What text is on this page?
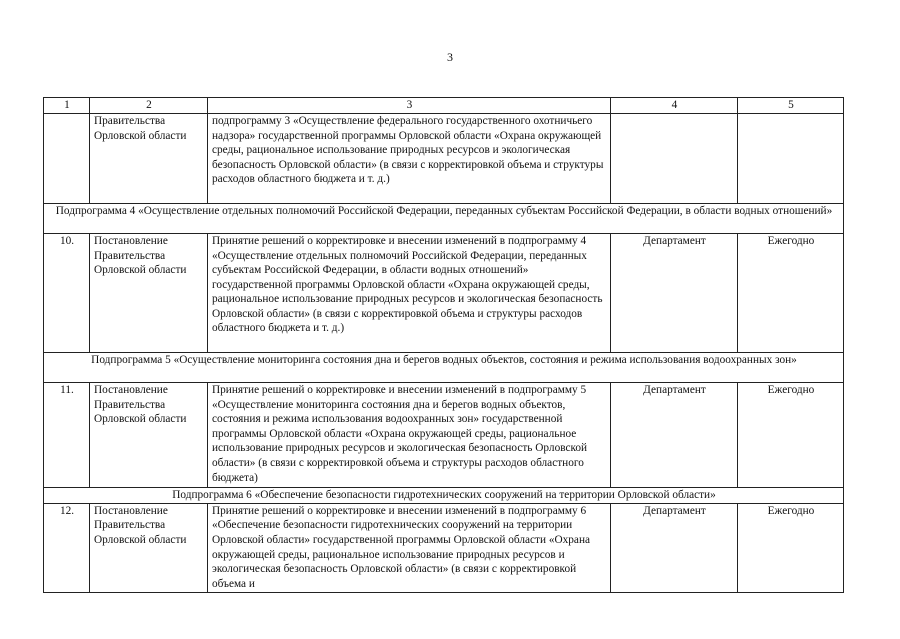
3
1	2	3	4	5
	Правительства Орловской области	подпрограмму 3 «Осуществление федерального государственного охотничьего надзора» государственной программы Орловской области «Охрана окружающей среды, рациональное использование природных ресурсов и экологическая безопасность Орловской области» (в связи с корректировкой объема и структуры расходов областного бюджета и т. д.)		
Подпрограмма 4 «Осуществление отдельных полномочий Российской Федерации, переданных субъектам Российской Федерации, в области водных отношений»				
10.	Постановление Правительства Орловской области	Принятие решений о корректировке и внесении изменений в подпрограмму 4 «Осуществление отдельных полномочий Российской Федерации, переданных субъектам Российской Федерации, в области водных отношений» государственной программы Орловской области «Охрана окружающей среды, рациональное использование природных ресурсов и экологическая безопасность Орловской области» (в связи с корректировкой объема и структуры расходов областного бюджета и т. д.)	Департамент	Ежегодно
Подпрограмма 5 «Осуществление мониторинга состояния дна и берегов водных объектов, состояния и режима использования водоохранных зон»				
11.	Постановление Правительства Орловской области	Принятие решений о корректировке и внесении изменений в подпрограмму 5 «Осуществление мониторинга состояния дна и берегов водных объектов, состояния и режима использования водоохранных зон» государственной программы Орловской области «Охрана окружающей среды, рациональное использование природных ресурсов и экологическая безопасность Орловской области» (в связи с корректировкой объема и структуры расходов областного бюджета)	Департамент	Ежегодно
Подпрограмма 6 «Обеспечение безопасности гидротехнических сооружений на территории Орловской области»				
12.	Постановление Правительства Орловской области	Принятие решений о корректировке и внесении изменений в подпрограмму 6 «Обеспечение безопасности гидротехнических сооружений на территории Орловской области» государственной программы Орловской области «Охрана окружающей среды, рациональное использование природных ресурсов и экологическая безопасность Орловской области» (в связи с корректировкой объема и	Департамент	Ежегодно
